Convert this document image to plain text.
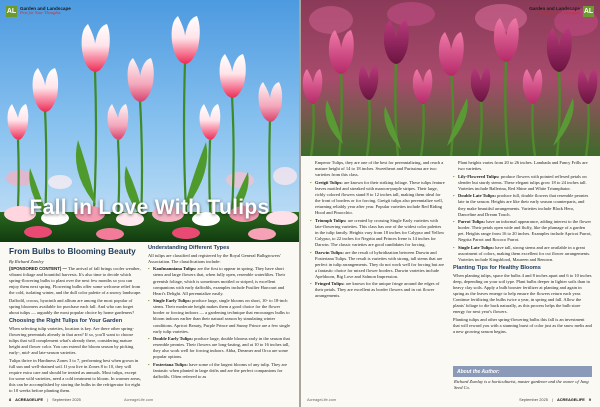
AL Garden and Landscape
Pest for Your Thoughts
Fall in Love With Tulips
From Bulbs to Blooming Beauty
By Richard Zomley

(SPONSORED CONTENT) — The arrival of fall brings cooler weather, vibrant foliage and bountiful harvests. It's also time to decide which spring-flowering bulbs to plant over the next few months so you can enjoy them next spring. Flowering bulbs offer some welcome relief from the cold, isolating winter, and the dull color palette of a snowy landscape.

Daffodil, crocus, hyacinth and allium are among the most popular of spring bloomers available for purchase each fall. And who can forget about tulips — arguably the most popular choice by home gardeners?

Choosing the Right Tulips for Your Garden

When selecting tulip varieties, location is key. Are there other spring-flowering perennials already in that area? If so, you'll want to choose tulips that will complement what's already there, considering mature height and flower color. You can extend the bloom season by picking early-, mid- and late-season varieties.

Tulips thrive in Hardiness Zones 3 to 7, performing best when grown in full sun and well-drained soil. If you live in Zones 8 to 10, they will require extra care and should be treated as annuals. Most tulips, except for some wild varieties, need a cold treatment to bloom. In warmer areas, this can be accomplished by storing the bulbs in the refrigerator for eight to 10 weeks before planting them.

Understanding Different Types

All tulips are classified and registered by the Royal General Bulbgrowers' Association. The classifications include:

• Kaufmanniana Tulips: are the first to appear in spring. They have short stems and large flowers that, when fully open, resemble waterlilies. Their greenish foliage, which is sometimes mottled or striped, is excellent companions with early daffodils, examples include Fusilier Harcourt and Heart's Delight. All perennialize easily.
• Single Early Tulips: produce large, single blooms on short, 10- to 18-inch stems. Their moderate height makes them a good choice for the flower border or forcing indoors — a gardening technique that encourages bulbs to bloom indoors earlier than their natural season by simulating winter conditions. Apricot Beauty, Purple Prince and Sunny Prince are a few single early tulip varieties.
• Double Early Tulips: produce large, double blooms early in the season that resemble peonies. Their flowers are long-lasting, and at 10 to 16 inches tall, they also work well for forcing indoors. Abba, Dreamer and Orca are some popular options.
• Fosteriana Tulips: have some of the largest blooms of any tulip. They are fantastic when planted in large drifts and are the perfect companions for daffodils. Often referred to as
8 ACREAGELIFE | September 2025	AcreageLife.com
AL
Garden and Landscape
Pest for Your Thoughts

Emperor Tulips, they are one of the best for perennializing, and reach a mature height of 14 to 18 inches. Sweetheart and Purissima are two varieties from this class.

• Greigii Tulips: are known for their striking foliage. These tulips feature leaves mottled and streaked with maroon-purple stripes. Their large, richly colored flowers stand 8 to 12 inches tall, making them ideal for the front of borders or for forcing. Greigii tulips also perennialize well, returning reliably year after year. Popular varieties include Red Riding Hood and Pinocchio.
• Triumph Tulips: are created by crossing Single Early varieties with late-flowering varieties. This class has one of the widest color palettes in the tulip family. Heights vary from 18 inches for Calypso and Yellow Calypso, to 22 inches for Negrita and Princes Irene is 14 inches for Darwin. The classic varieties are good candidates for forcing.
• Darwin Tulips: are the result of hybridization between Darwin and Fosteriana Tulips. The result is varieties with strong, tall stems that are perfect in tulip arrangements. They do not work well for forcing but are a fantastic choice for mixed flower borders. Darwin varieties include Apeldoorn, Big Love and Salmon Impression.
• Fringed Tulips: are known for the unique fringe around the edges of their petals. They are excellent as border flowers and in cut flower arrangements.

Plant heights varies from 20 to 26 inches. Lambada and Fancy Frills are two varieties.

• Lily-Flowered Tulips: produce flowers with pointed reflexed petals on slender but sturdy stems. These elegant tulips grow 18 to 24 inches tall. Varieties include Ballerina, Red Shine and White Triumphator.
• Double Late Tulips: produce full, double flowers that resemble peonies late in the season. Heights are like their early season counterparts, and they make beautiful arrangements. Varieties include Black Hero, Danceline and Dream Touch.
• Parrot Tulips: have an informal appearance, adding interest to the flower border. Their petals open wide and fluffy, like the plumage of a garden pet. Heights range from 16 to 20 inches. Examples include Apricot Parrot, Negrita Parrot and Rococo Parrot.
• Single Late Tulips: have tall, strong stems and are available in a great assortment of colors, making them excellent for cut flower arrangements. Varieties include Kingsblood, Maureen and Renown.
Planting Tips for Healthy Blooms

When planting tulips, space the bulbs 4 and 8 inches apart and 6 to 10 inches deep, depending on your soil type. Plant bulbs deeper in lighter soils than in heavy clay soils. Apply a bulb booster fertilizer at planting and again in spring as the leaves emerge to help ensure the flowers return each year. Continue fertilizing the bulbs twice a year, in spring and fall. Allow the plants' foliage to die back naturally, as this process helps the bulb store energy for next year's flowers.

Planting tulips and other spring-flowering bulbs this fall is an investment that will reward you with a stunning burst of color just as the snow melts and a new growing season begins.

About the Author:
Richard Zomlay is a horticulturist, master gardener and the owner of Jung Seed Co.
AcreageLife.com	September 2025 | ACREAGELIFE 9
